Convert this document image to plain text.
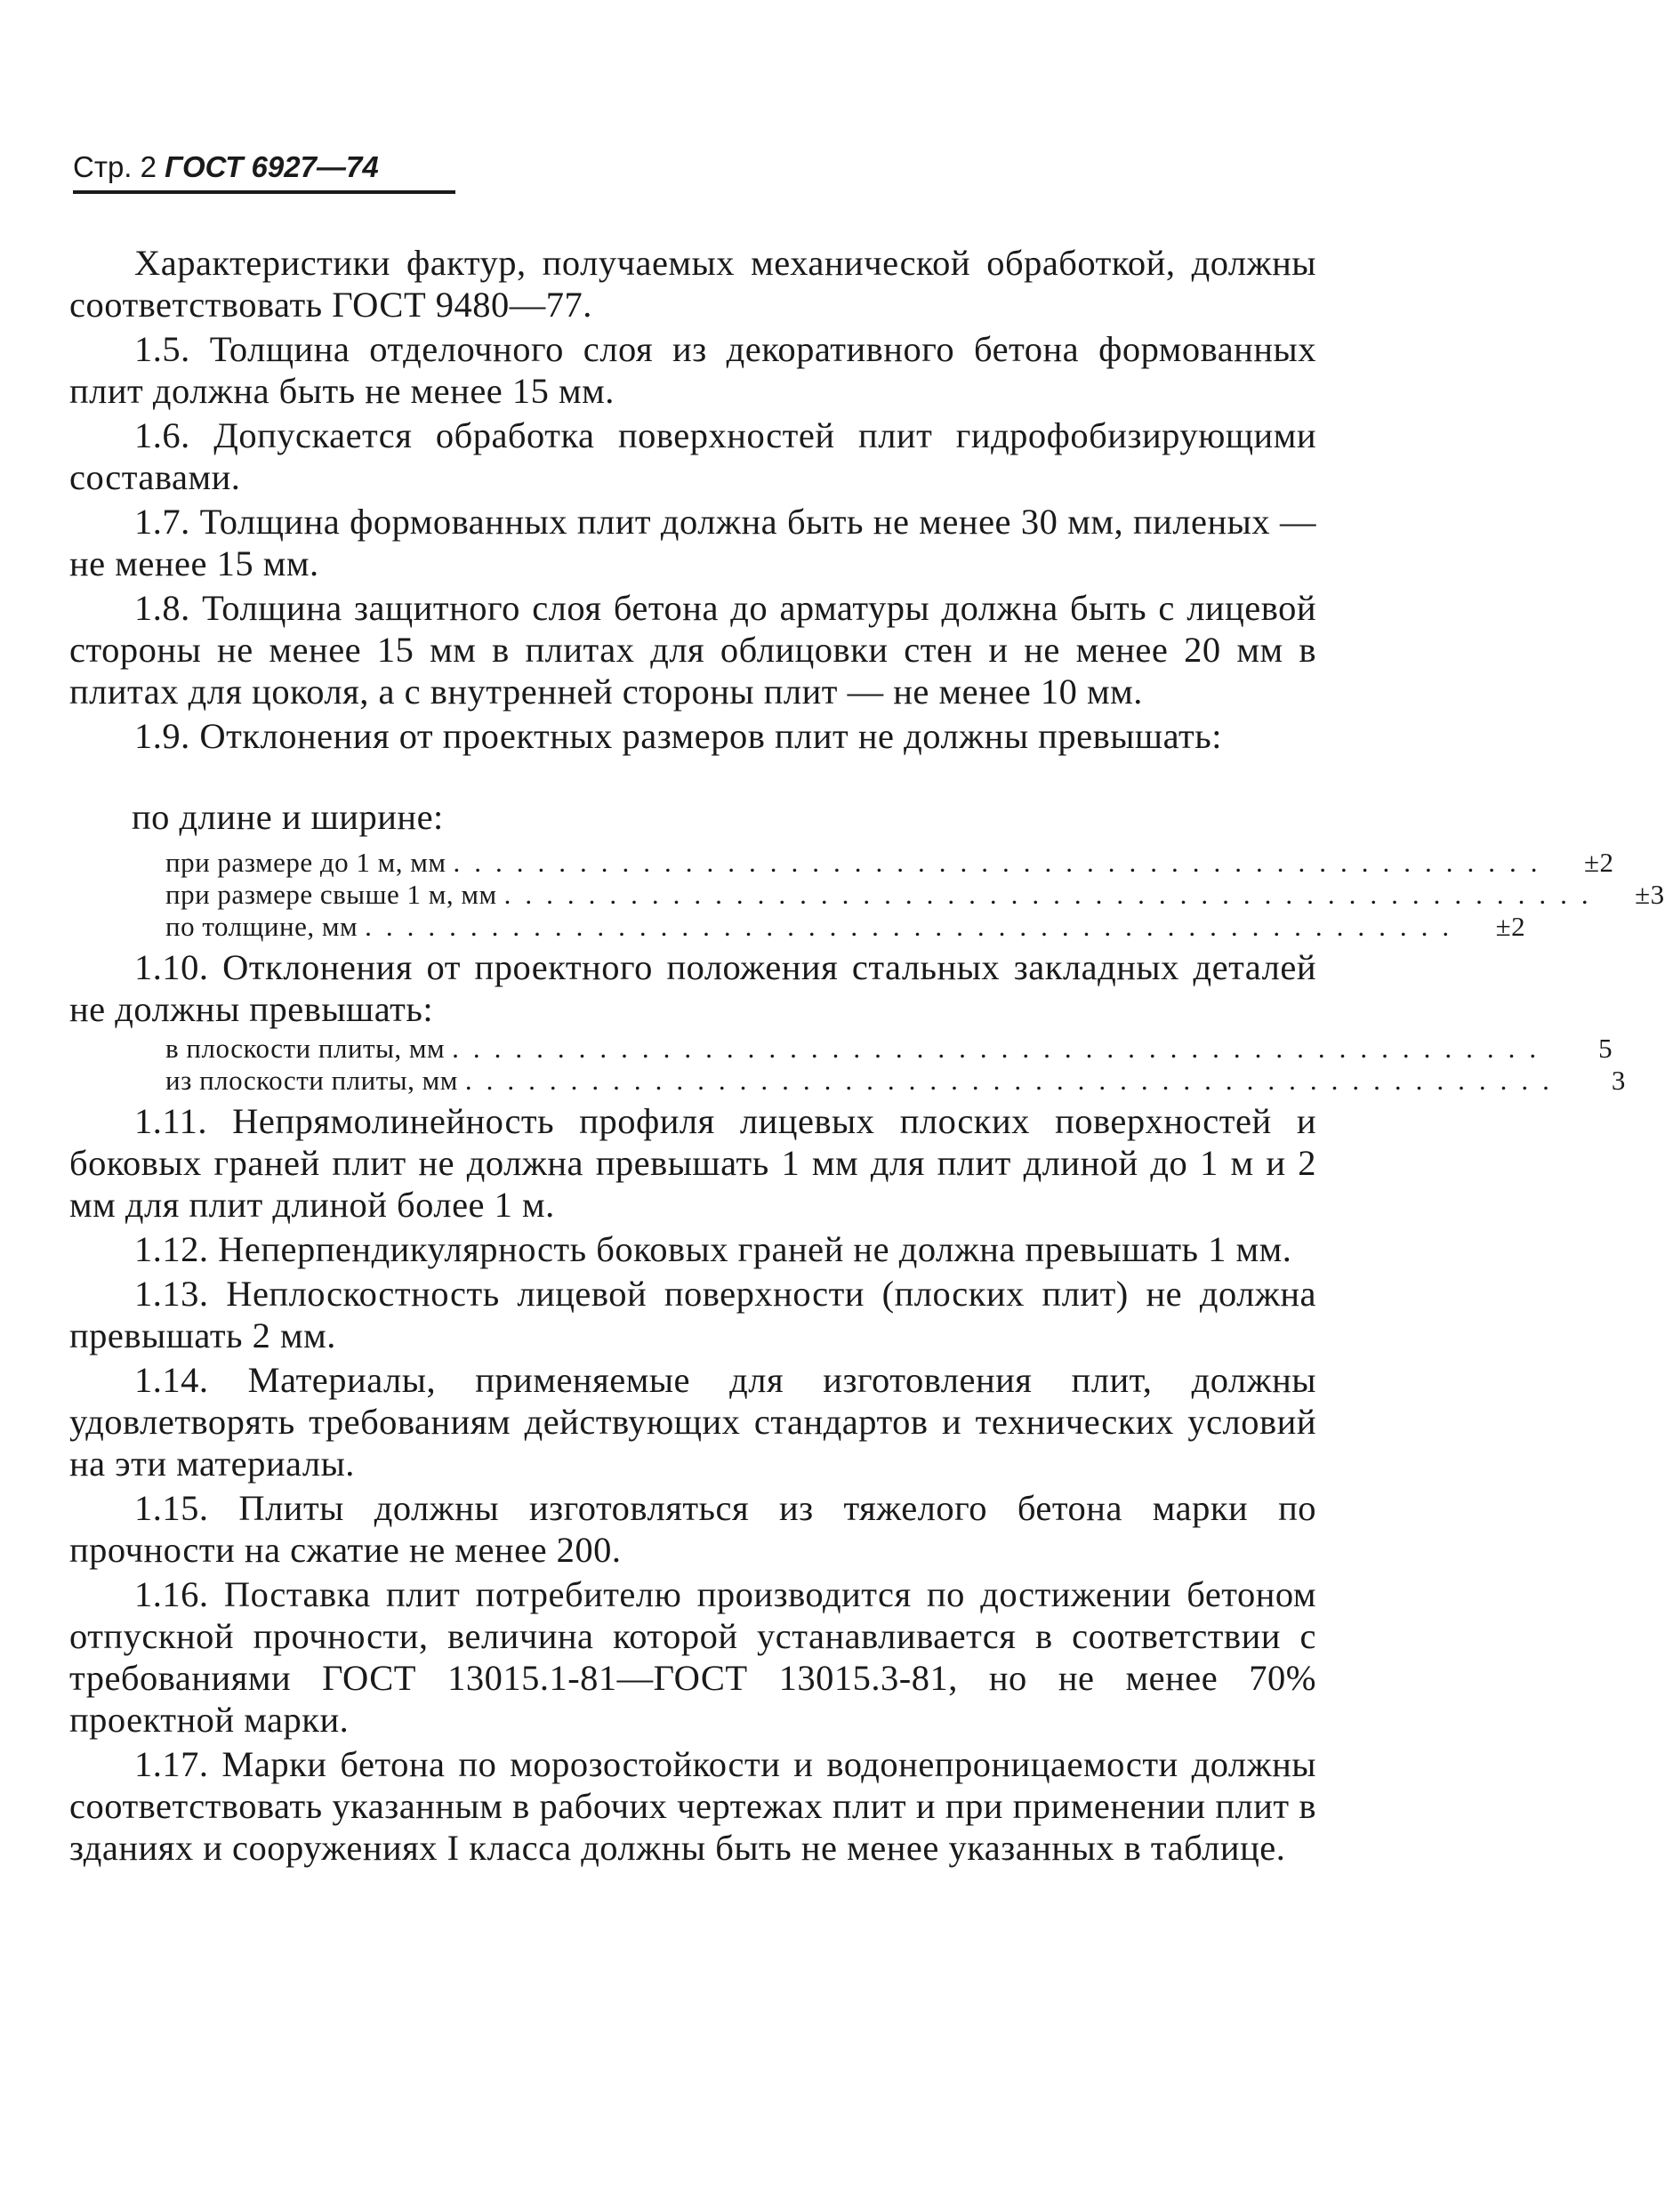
Стр. 2 ГОСТ 6927—74

Характеристики фактур, получаемых механической обработкой, должны соответствовать ГОСТ 9480—77.

1.5. Толщина отделочного слоя из декоративного бетона формованных плит должна быть не менее 15 мм.

1.6. Допускается обработка поверхностей плит гидрофобизирующими составами.

1.7. Толщина формованных плит должна быть не менее 30 мм, пиленых — не менее 15 мм.

1.8. Толщина защитного слоя бетона до арматуры должна быть с лицевой стороны не менее 15 мм в плитах для облицовки стен и не менее 20 мм в плитах для цоколя, а с внутренней стороны плит — не менее 10 мм.

1.9. Отклонения от проектных размеров плит не должны превышать:

по длине и ширине:
при размере до 1 м, мм ....................................................	±2
при размере свыше 1 м, мм ....................................................	±3
по толщине, мм ....................................................	±2

1.10. Отклонения от проектного положения стальных закладных деталей не должны превышать:

в плоскости плиты, мм ....................................................	5
из плоскости плиты, мм ....................................................	3

1.11. Непрямолинейность профиля лицевых плоских поверхностей и боковых граней плит не должна превышать 1 мм для плит длиной до 1 м и 2 мм для плит длиной более 1 м.

1.12. Неперпендикулярность боковых граней не должна превышать 1 мм.

1.13. Неплоскостность лицевой поверхности (плоских плит) не должна превышать 2 мм.

1.14. Материалы, применяемые для изготовления плит, должны удовлетворять требованиям действующих стандартов и технических условий на эти материалы.

1.15. Плиты должны изготовляться из тяжелого бетона марки по прочности на сжатие не менее 200.

1.16. Поставка плит потребителю производится по достижении бетоном отпускной прочности, величина которой устанавливается в соответствии с требованиями ГОСТ 13015.1-81—ГОСТ 13015.3-81, но не менее 70% проектной марки.

1.17. Марки бетона по морозостойкости и водонепроницаемости должны соответствовать указанным в рабочих чертежах плит и при применении плит в зданиях и сооружениях I класса должны быть не менее указанных в таблице.
